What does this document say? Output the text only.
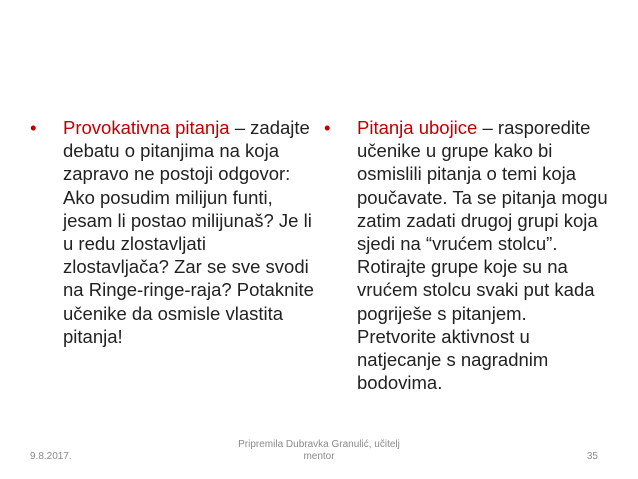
• Provokativna pitanja – zadajte debatu o pitanjima na koja zapravo ne postoji odgovor: Ako posudim milijun funti, jesam li postao milijunaš? Je li u redu zlostavljati zlostavljača? Zar se sve svodi na Ringe-ringe-raja? Potaknite učenike da osmisle vlastita pitanja!
• Pitanja ubojice – rasporedite učenike u grupe kako bi osmislili pitanja o temi koja poučavate. Ta se pitanja mogu zatim zadati drugoj grupi koja sjedi na “vrućem stolcu”. Rotirajte grupe koje su na vrućem stolcu svaki put kada pogriješe s pitanjem. Pretvorite aktivnost u natjecanje s nagradnim bodovima.
9.8.2017.
Pripremila Dubravka Granulić, učitelj mentor	35
